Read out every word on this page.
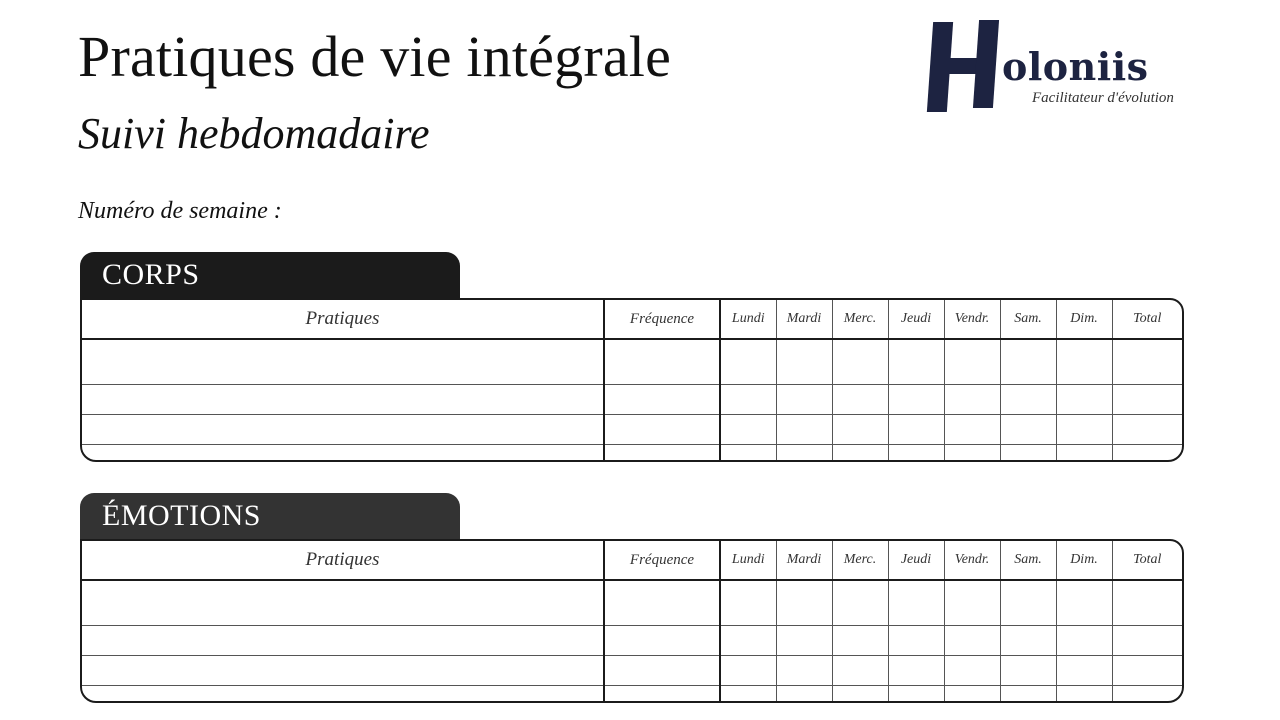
Pratiques de vie intégrale
Suivi hebdomadaire
Numéro de semaine :
oloniis
Facilitateur d'évolution
CORPS
Pratiques	Fréquence	Lundi	Mardi	Merc.	Jeudi	Vendr.	Sam.	Dim.	Total

ÉMOTIONS
Pratiques	Fréquence	Lundi	Mardi	Merc.	Jeudi	Vendr.	Sam.	Dim.	Total
